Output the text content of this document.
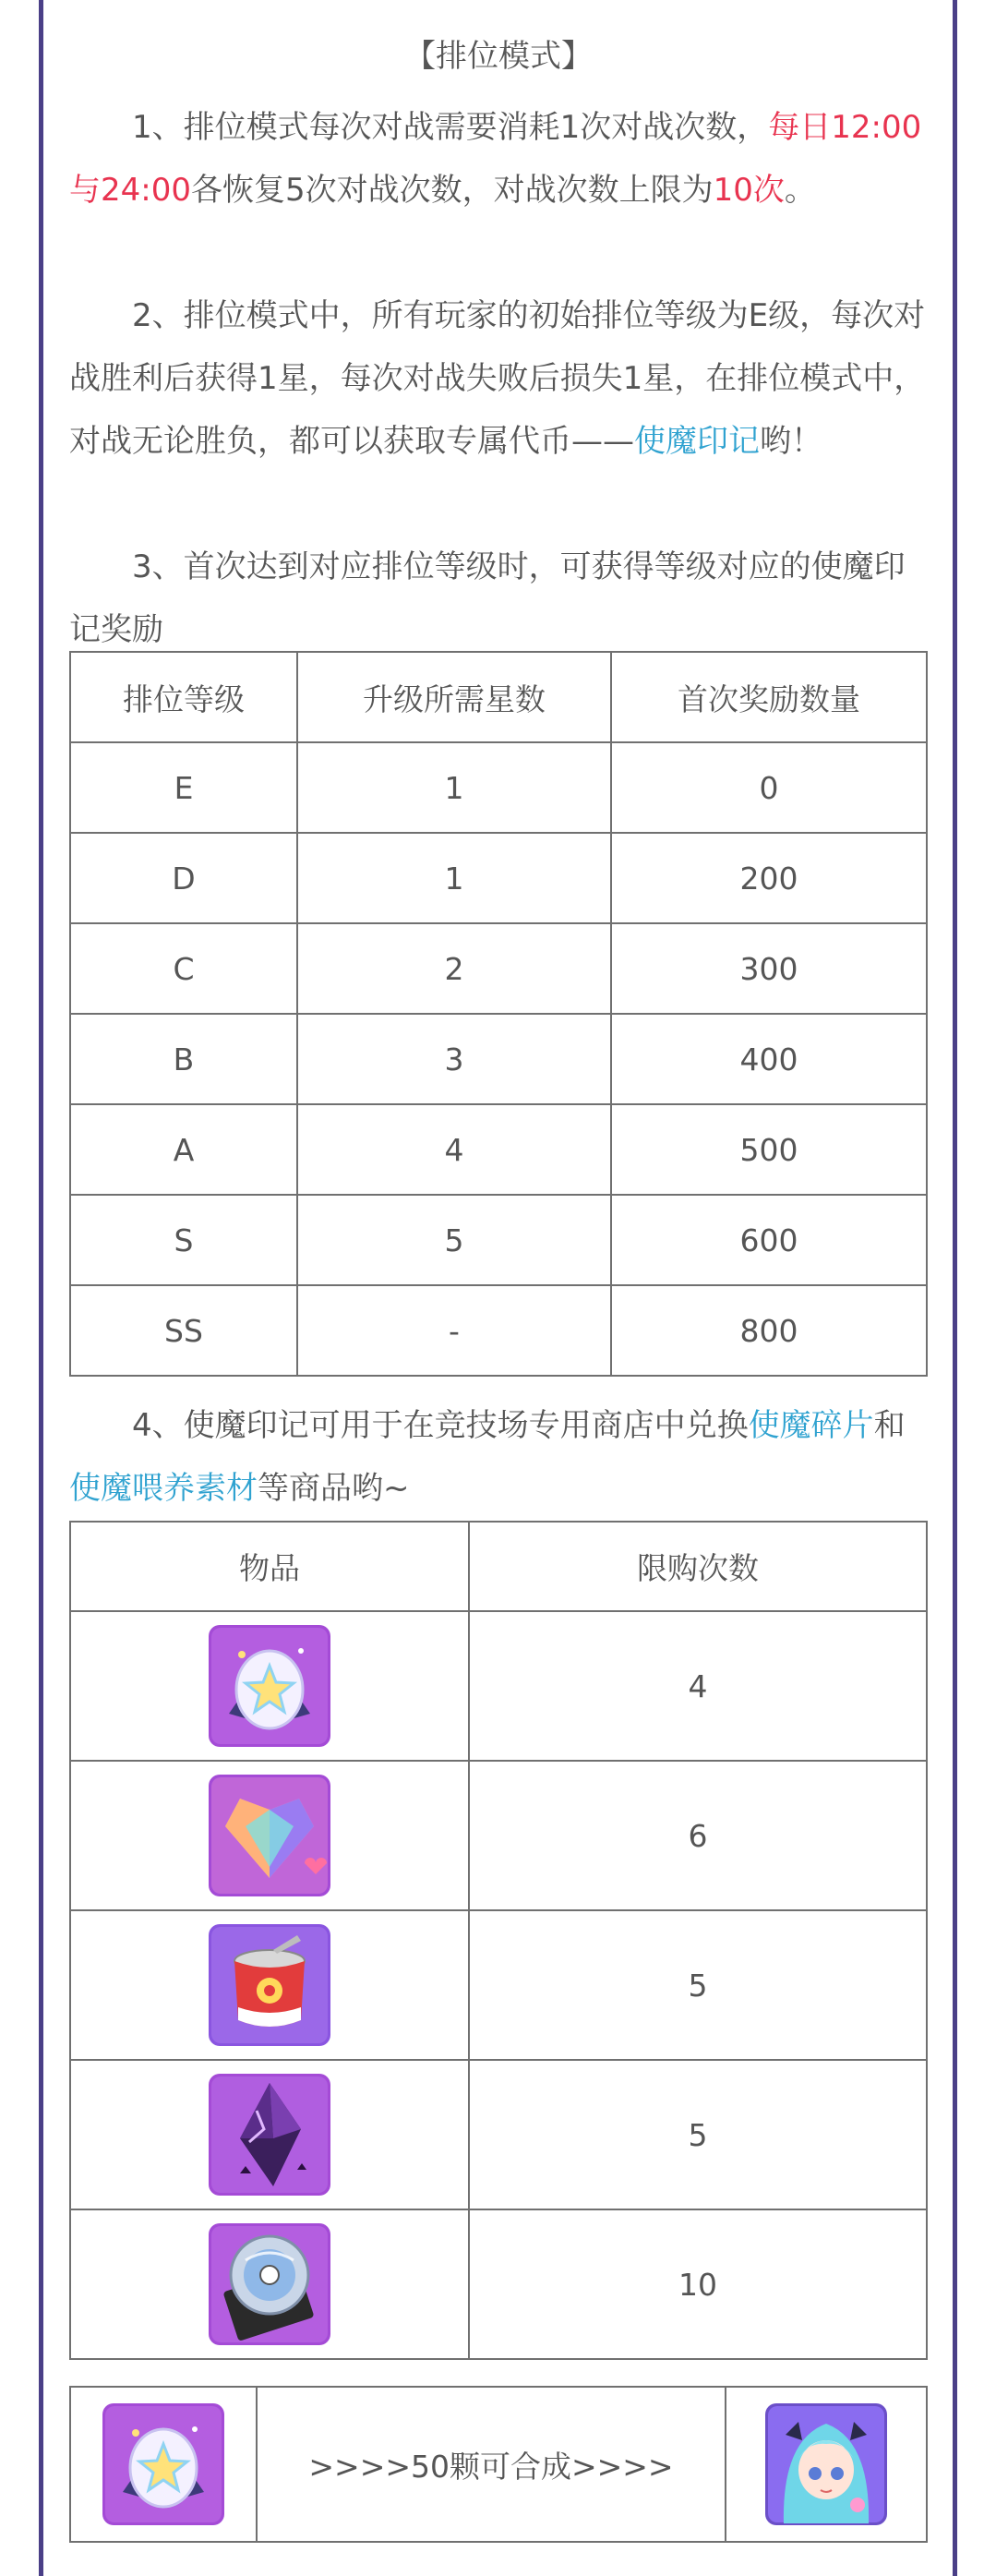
【排位模式】

1、排位模式每次对战需要消耗1次对战次数，每日12:00与24:00各恢复5次对战次数，对战次数上限为10次。

2、排位模式中，所有玩家的初始排位等级为E级，每次对战胜利后获得1星，每次对战失败后损失1星，在排位模式中，对战无论胜负，都可以获取专属代币——使魔印记哟！

3、首次达到对应排位等级时，可获得等级对应的使魔印记奖励

排位等级	升级所需星数	首次奖励数量
E	1	0
D	1	200
C	2	300
B	3	400
A	4	500
S	5	600
SS	-	800

4、使魔印记可用于在竞技场专用商店中兑换使魔碎片和使魔喂养素材等商品哟~

物品	限购次数

	4

	6

	5

	5

	10
	>>>>50颗可合成>>>>	
